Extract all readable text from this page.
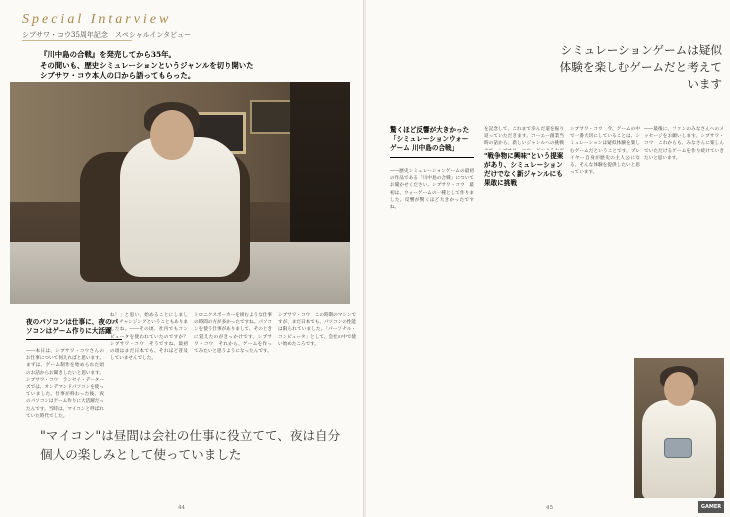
Special Intarview
シブサワ・コウ35周年記念　スペシャルインタビュー

『川中島の合戦』を発売してから35年。

その間いも、歴史シミュレーションというジャンルを切り開いた

シブサワ・コウ本人の口から語ってもらった。

夜のパソコンは仕事に、夜のパソコンはゲーム作りに大活躍
――本日は、シブサワ・コウさんのお仕事について伺えればと思います。まずは、ゲーム制作を始められた頃のお話からお聞きしたいと思います。シブサワ・コウ　ランセイ・データーズでは、オンデマンドパソコンを使っていました。仕事が終わった後、夜のパソコンはゲーム作りに大活躍だったんです。当時は、マイコンと呼ばれていた時代でした。
ね！」と思い、始めることにしました。チャンジングということもありましたね。――その頃、社内でもコンピュータを使われていたのですか？シブサワ・コウ　そうですね。最初の頃はまだ日本でも、それほど普及していませんでした。
トロニクスポーカーを組むような仕事の時間の方が多かったですね。パソコンを使う仕事がありまして、そのときに覚えたのがきっかけです。シブサワ・コウ　それから、ゲームを作ってみたいと思うようになったんです。
シブサワ・コウ　この時期のマシンですが、まだ日本でも、パソコンの性能は限られていました。「パーソナル・コンピュータ」として、会社の中で使い始めたころです。
"マイコン"は昼間は会社の仕事に役立てて、夜は自分個人の楽しみとして使っていました
44
シミュレーションゲームは疑似体験を楽しむゲームだと考えています
驚くほど反響が大きかった「シミュレーションウォーゲーム 川中島の合戦」
"戦争物に興味"という提案があり、シミュレーションだけでなく新ジャンルにも果敢に挑戦
――歴史シミュレーションゲームの最初の作品である「川中島の合戦」についてお聞かせください。シブサワ・コウ　最初は、ウォーゲームの一種として作りました。反響が驚くほど大きかったですね。
を記念して、これまで歩んだ道を振り返っていただきます。コーエー創業当時の話から、新しいジャンルへの挑戦　
シブサワ・コウ　今、ゲームの中で一番大切にしていることは、シミュレーションは疑似体験を楽しむゲームだということです。プレイヤー自身が歴史の主人公になる、そんな体験を提供したいと思っています。
――最後に、ファンのみなさんへのメッセージをお願いします。シブサワ・コウ　これからも、みなさんに楽しんでいただけるゲームを作り続けていきたいと思います。
45	GAMER
